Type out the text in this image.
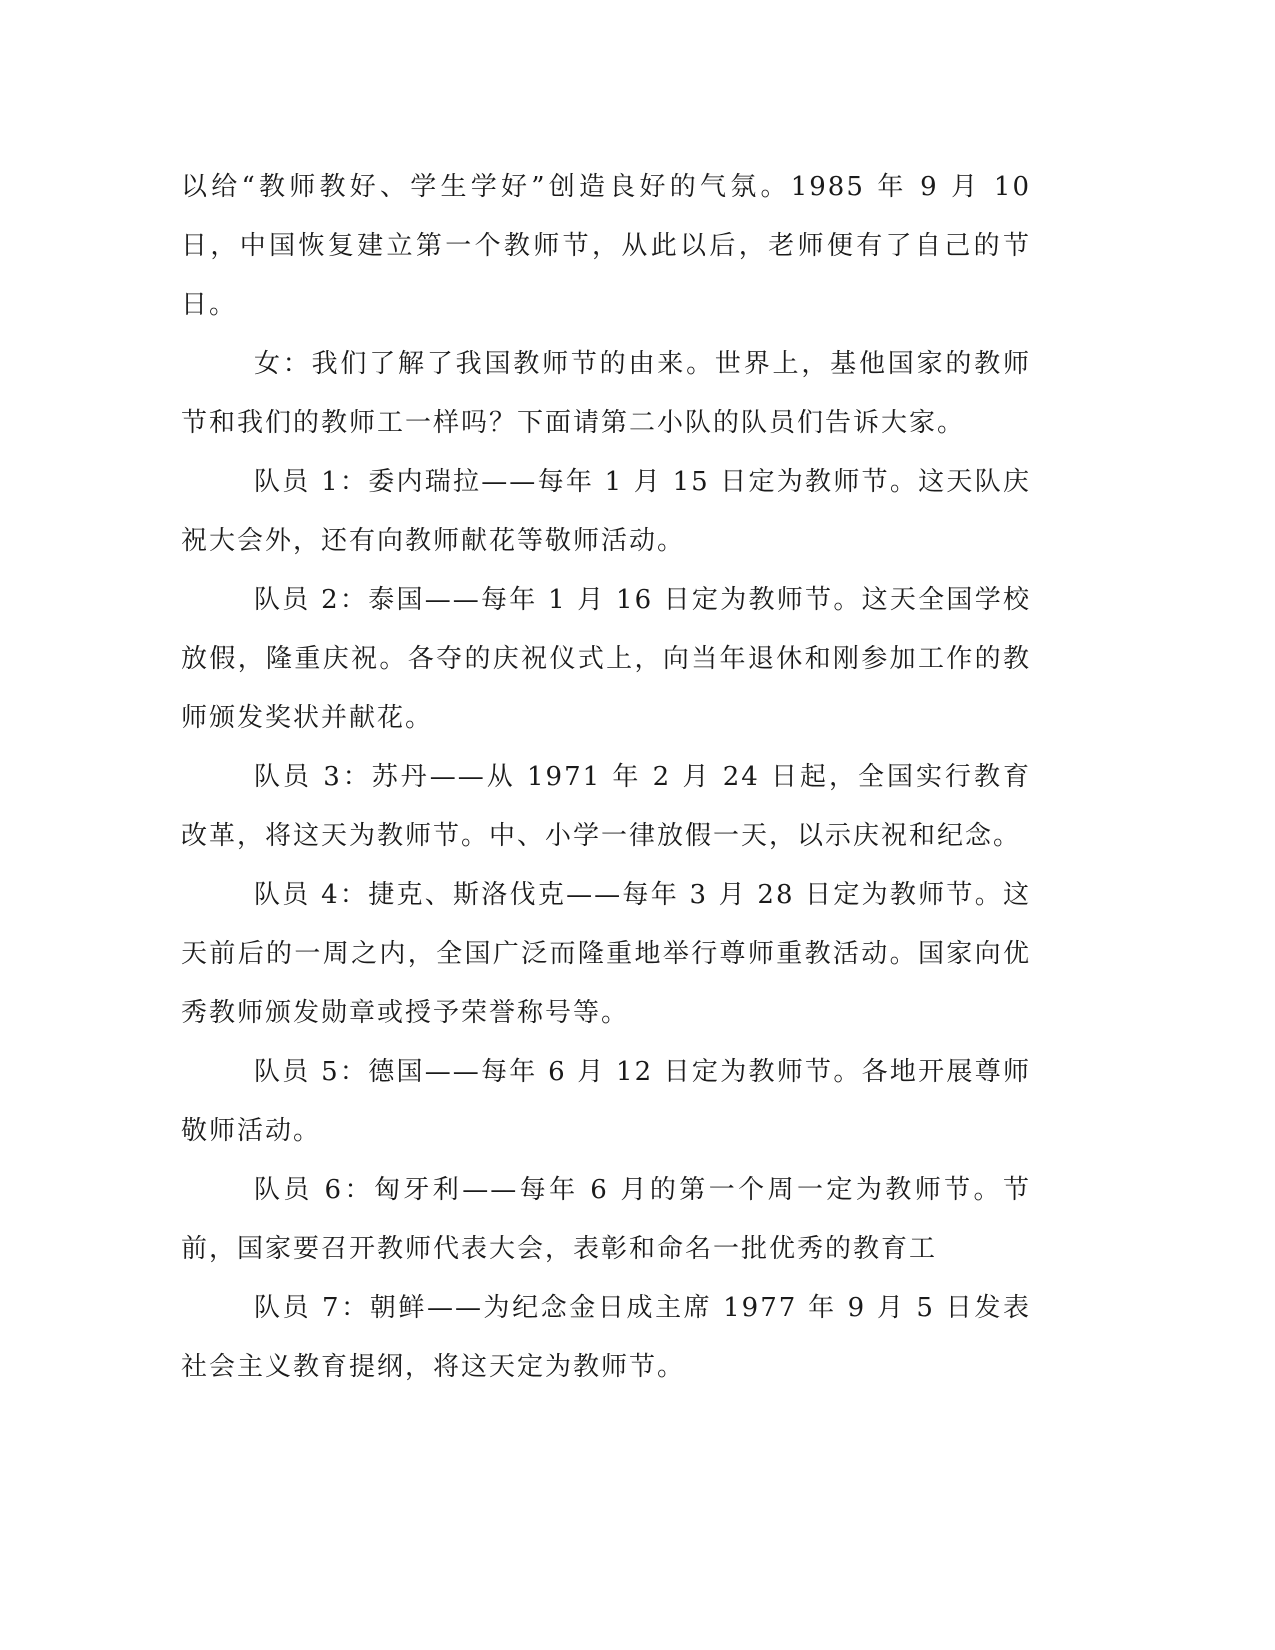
以给“教师教好、学生学好”创造良好的气氛。1985 年 9 月 10 日，中国恢复建立第一个教师节，从此以后，老师便有了自己的节日。

女：我们了解了我国教师节的由来。世界上，基他国家的教师节和我们的教师工一样吗？下面请第二小队的队员们告诉大家。

队员 1：委内瑞拉——每年 1 月 15 日定为教师节。这天队庆祝大会外，还有向教师献花等敬师活动。

队员 2：泰国——每年 1 月 16 日定为教师节。这天全国学校放假，隆重庆祝。各夺的庆祝仪式上，向当年退休和刚参加工作的教师颁发奖状并献花。

队员 3：苏丹——从 1971 年 2 月 24 日起，全国实行教育改革，将这天为教师节。中、小学一律放假一天，以示庆祝和纪念。

队员 4：捷克、斯洛伐克——每年 3 月 28 日定为教师节。这天前后的一周之内，全国广泛而隆重地举行尊师重教活动。国家向优秀教师颁发勋章或授予荣誉称号等。

队员 5：德国——每年 6 月 12 日定为教师节。各地开展尊师敬师活动。

队员 6：匈牙利——每年 6 月的第一个周一定为教师节。节前，国家要召开教师代表大会，表彰和命名一批优秀的教育工

队员 7：朝鲜——为纪念金日成主席 1977 年 9 月 5 日发表社会主义教育提纲，将这天定为教师节。
